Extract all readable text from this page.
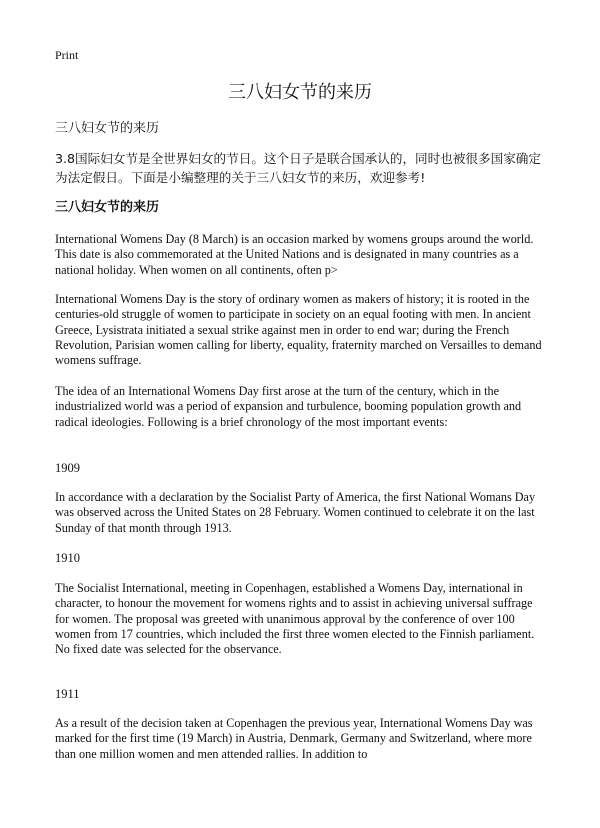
Print
三八妇女节的来历
三八妇女节的来历
3.8国际妇女节是全世界妇女的节日。这个日子是联合国承认的，同时也被很多国家确定为法定假日。下面是小编整理的关于三八妇女节的来历，欢迎参考!
三八妇女节的来历
International Womens Day (8 March) is an occasion marked by womens groups around the world. This date is also commemorated at the United Nations and is designated in many countries as a national holiday. When women on all continents, often p>
International Womens Day is the story of ordinary women as makers of history; it is rooted in the centuries-old struggle of women to participate in society on an equal footing with men. In ancient Greece, Lysistrata initiated a sexual strike against men in order to end war; during the French Revolution, Parisian women calling for liberty, equality, fraternity marched on Versailles to demand womens suffrage.
The idea of an International Womens Day first arose at the turn of the century, which in the industrialized world was a period of expansion and turbulence, booming population growth and radical ideologies. Following is a brief chronology of the most important events:
1909
In accordance with a declaration by the Socialist Party of America, the first National Womans Day was observed across the United States on 28 February. Women continued to celebrate it on the last Sunday of that month through 1913.
1910
The Socialist International, meeting in Copenhagen, established a Womens Day, international in character, to honour the movement for womens rights and to assist in achieving universal suffrage for women. The proposal was greeted with unanimous approval by the conference of over 100 women from 17 countries, which included the first three women elected to the Finnish parliament. No fixed date was selected for the observance.
1911
As a result of the decision taken at Copenhagen the previous year, International Womens Day was marked for the first time (19 March) in Austria, Denmark, Germany and Switzerland, where more than one million women and men attended rallies. In addition to
